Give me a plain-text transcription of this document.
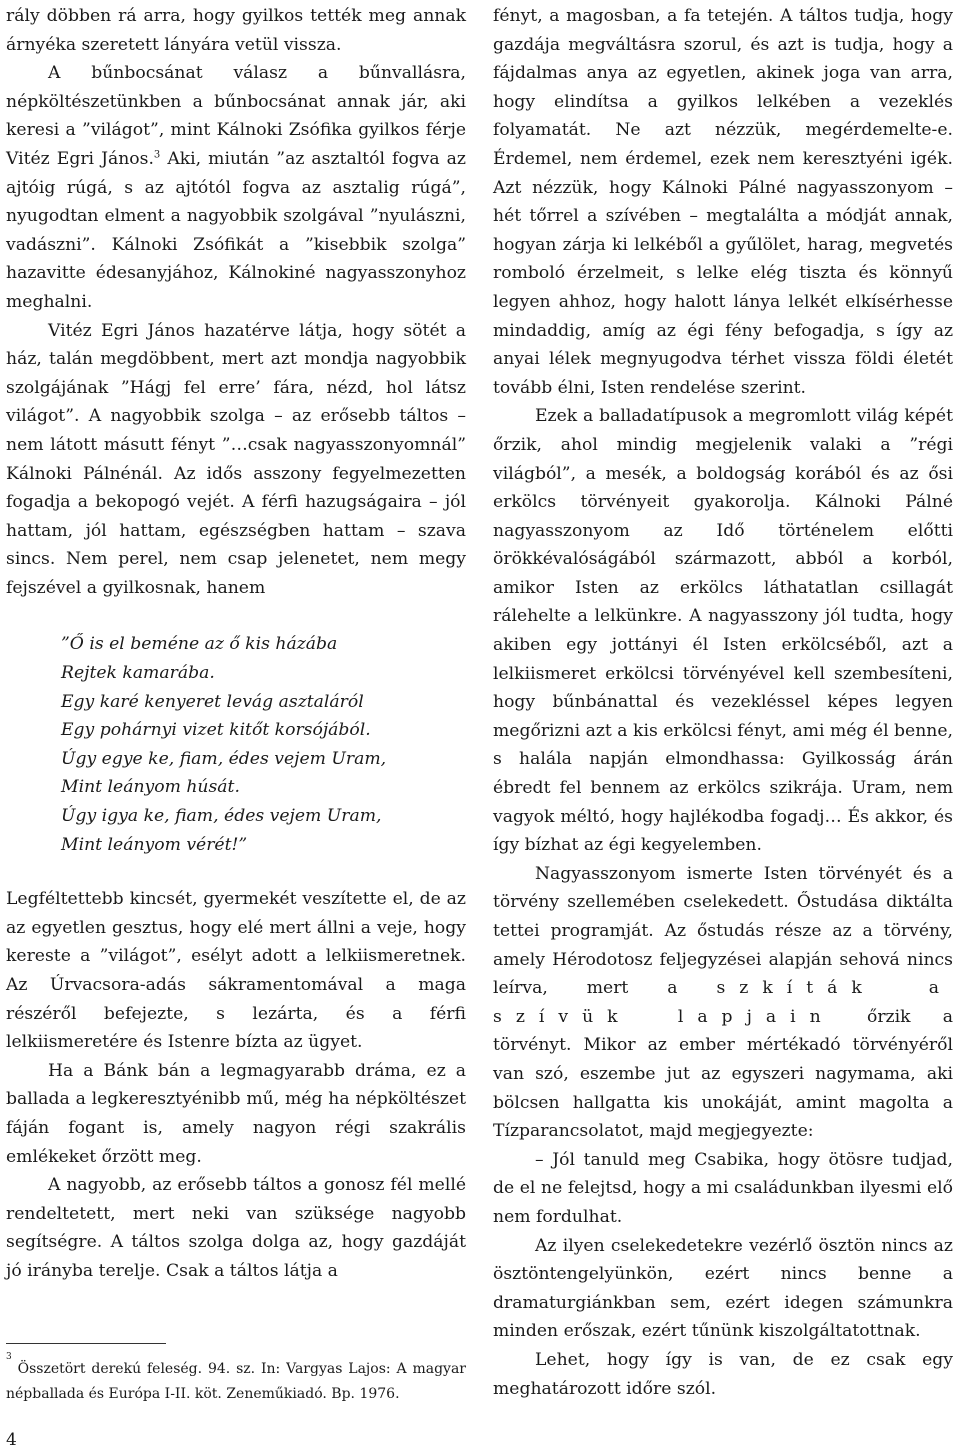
rály döbben rá arra, hogy gyilkos tették meg annak árnyéka szeretett lányára vetül vissza.

A bűnbocsánat válasz a bűnvallásra, népköltészetünkben a bűnbocsánat annak jár, aki keresi a ”világot”, mint Kálnoki Zsófika gyilkos férje Vitéz Egri János.$^3$ Aki, miután ”az asztaltól fogva az ajtóig rúgá, s az ajtótól fogva az asztalig rúgá”, nyugodtan elment a nagyobbik szolgával ”nyulászni, vadászni”. Kálnoki Zsófikát a ”kisebbik szolga” hazavitte édesanyjához, Kálnokiné nagyasszonyhoz meghalni.

Vitéz Egri János hazatérve látja, hogy sötét a ház, talán megdöbbent, mert azt mondja nagyobbik szolgájának ”Hágj fel erre’ fára, nézd, hol látsz világot”. A nagyobbik szolga – az erősebb táltos – nem látott másutt fényt ”…csak nagyasszonyomnál” Kálnoki Pálnénál. Az idős asszony fegyelmezetten fogadja a bekopogó vejét. A férfi hazugságaira – jól hattam, jól hattam, egészségben hattam – szava sincs. Nem perel, nem csap jelenetet, nem megy fejszével a gyilkosnak, hanem

”Ő is el beméne az ő kis házába
Rejtek kamarába.
Egy karé kenyeret levág asztaláról
Egy pohárnyi vizet kitőt korsójából.
Úgy egye ke, fiam, édes vejem Uram,
Mint leányom húsát.
Úgy igya ke, fiam, édes vejem Uram,
Mint leányom vérét!”

Legféltettebb kincsét, gyermekét veszítette el, de az az egyetlen gesztus, hogy elé mert állni a veje, hogy kereste a ”világot”, esélyt adott a lelkiismeretnek. Az Úrvacsora-adás sákramentomával a maga részéről befejezte, s lezárta, és a férfi lelkiismeretére és Istenre bízta az ügyet.

Ha a Bánk bán a legmagyarabb dráma, ez a ballada a legkeresztyénibb mű, még ha népköltészet fáján fogant is, amely nagyon régi szakrális emlékeket őrzött meg.

A nagyobb, az erősebb táltos a gonosz fél mellé rendeltetett, mert neki van szüksége nagyobb segítségre. A táltos szolga dolga az, hogy gazdáját jó irányba terelje. Csak a táltos látja a

$^3$ Összetört derekú feleség. 94. sz. In: Vargyas Lajos: A magyar népballada és Európa I-II. köt. Zeneműkiadó. Bp. 1976.
4

fényt, a magosban, a fa tetején. A táltos tudja, hogy gazdája megváltásra szorul, és azt is tudja, hogy a fájdalmas anya az egyetlen, akinek joga van arra, hogy elindítsa a gyilkos lelkében a vezeklés folyamatát. Ne azt nézzük, megérdemelte-e. Érdemel, nem érdemel, ezek nem keresztyéni igék. Azt nézzük, hogy Kálnoki Pálné nagyasszonyom – hét tőrrel a szívében – megtalálta a módját annak, hogyan zárja ki lelkéből a gyűlölet, harag, megvetés romboló érzelmeit, s lelke elég tiszta és könnyű legyen ahhoz, hogy halott lánya lelkét elkísérhesse mindaddig, amíg az égi fény befogadja, s így az anyai lélek megnyugodva térhet vissza földi életét tovább élni, Isten rendelése szerint.

Ezek a balladatípusok a megromlott világ képét őrzik, ahol mindig megjelenik valaki a ”régi világból”, a mesék, a boldogság korából és az ősi erkölcs törvényeit gyakorolja. Kálnoki Pálné nagyasszonyom az Idő történelem előtti örökkévalóságából származott, abból a korból, amikor Isten az erkölcs láthatatlan csillagát rálehelte a lelkünkre. A nagyasszony jól tudta, hogy akiben egy jottányi él Isten erkölcséből, azt a lelkiismeret erkölcsi törvényével kell szembesíteni, hogy bűnbánattal és vezekléssel képes legyen megőrizni azt a kis erkölcsi fényt, ami még él benne, s halála napján elmondhassa: Gyilkosság árán ébredt fel bennem az erkölcs szikrája. Uram, nem vagyok méltó, hogy hajlékodba fogadj… És akkor, és így bízhat az égi kegyelemben.

Nagyasszonyom ismerte Isten törvényét és a törvény szellemében cselekedett. Őstudása diktálta tettei programját. Az őstudás része az a törvény, amely Hérodotosz feljegyzései alapján sehová nincs leírva, mert a szkíták a szívük lapjain őrzik a törvényt. Mikor az ember mértékadó törvényéről van szó, eszembe jut az egyszeri nagymama, aki bölcsen hallgatta kis unokáját, amint magolta a Tízparancsolatot, majd megjegyezte:

– Jól tanuld meg Csabika, hogy ötösre tudjad, de el ne felejtsd, hogy a mi családunkban ilyesmi elő nem fordulhat.

Az ilyen cselekedetekre vezérlő ösztön nincs az ösztöntengelyünkön, ezért nincs benne a dramaturgiánkban sem, ezért idegen számunkra minden erőszak, ezért tűnünk kiszolgáltatottnak.

Lehet, hogy így is van, de ez csak egy meghatározott időre szól.
